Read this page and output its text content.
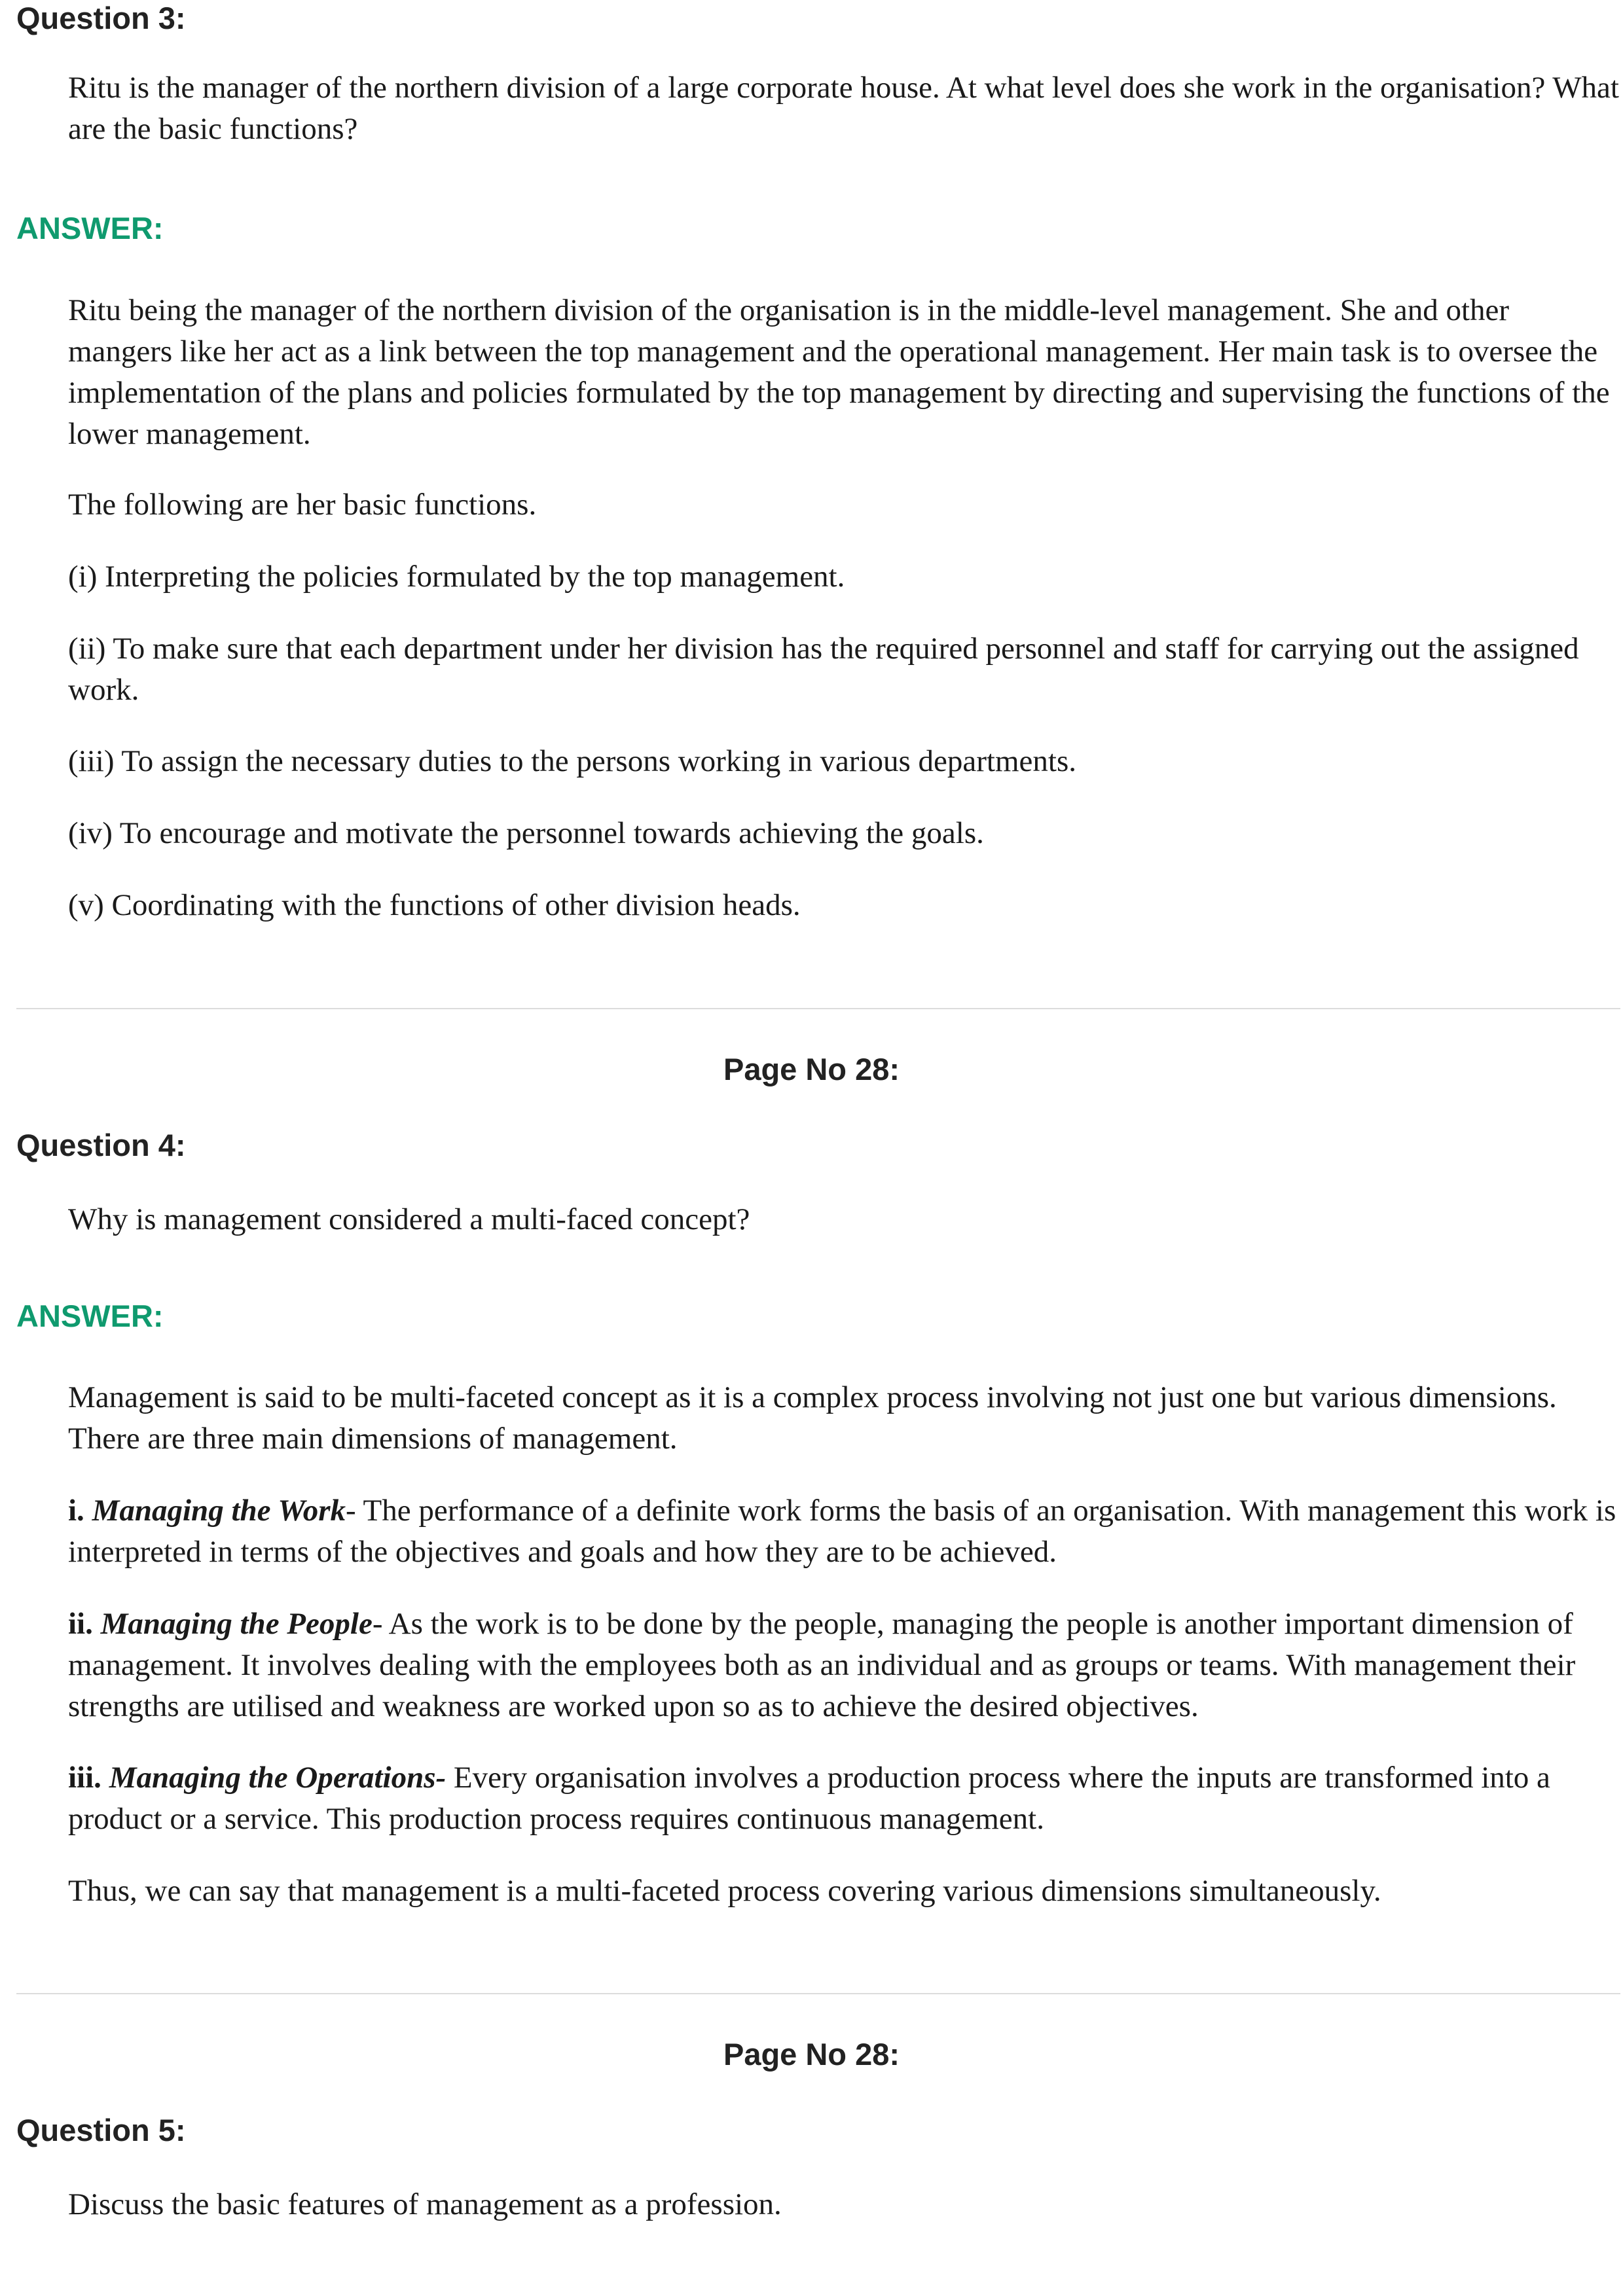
Question 3:

Ritu is the manager of the northern division of a large corporate house. At what level does she work in the organisation? What are the basic functions?

ANSWER:

Ritu being the manager of the northern division of the organisation is in the middle-level management. She and other mangers like her act as a link between the top management and the operational management. Her main task is to oversee the implementation of the plans and policies formulated by the top management by directing and supervising the functions of the lower management.

The following are her basic functions.

(i) Interpreting the policies formulated by the top management.

(ii) To make sure that each department under her division has the required personnel and staff for carrying out the assigned work.

(iii) To assign the necessary duties to the persons working in various departments.

(iv) To encourage and motivate the personnel towards achieving the goals.

(v) Coordinating with the functions of other division heads.

Page No 28:
Question 4:

Why is management considered a multi-faced concept?

ANSWER:

Management is said to be multi-faceted concept as it is a complex process involving not just one but various dimensions. There are three main dimensions of management.

i. Managing the Work- The performance of a definite work forms the basis of an organisation. With management this work is interpreted in terms of the objectives and goals and how they are to be achieved.

ii. Managing the People- As the work is to be done by the people, managing the people is another important dimension of management. It involves dealing with the employees both as an individual and as groups or teams. With management their strengths are utilised and weakness are worked upon so as to achieve the desired objectives.

iii. Managing the Operations- Every organisation involves a production process where the inputs are transformed into a product or a service. This production process requires continuous management.

Thus, we can say that management is a multi-faceted process covering various dimensions simultaneously.

Page No 28:
Question 5:

Discuss the basic features of management as a profession.
